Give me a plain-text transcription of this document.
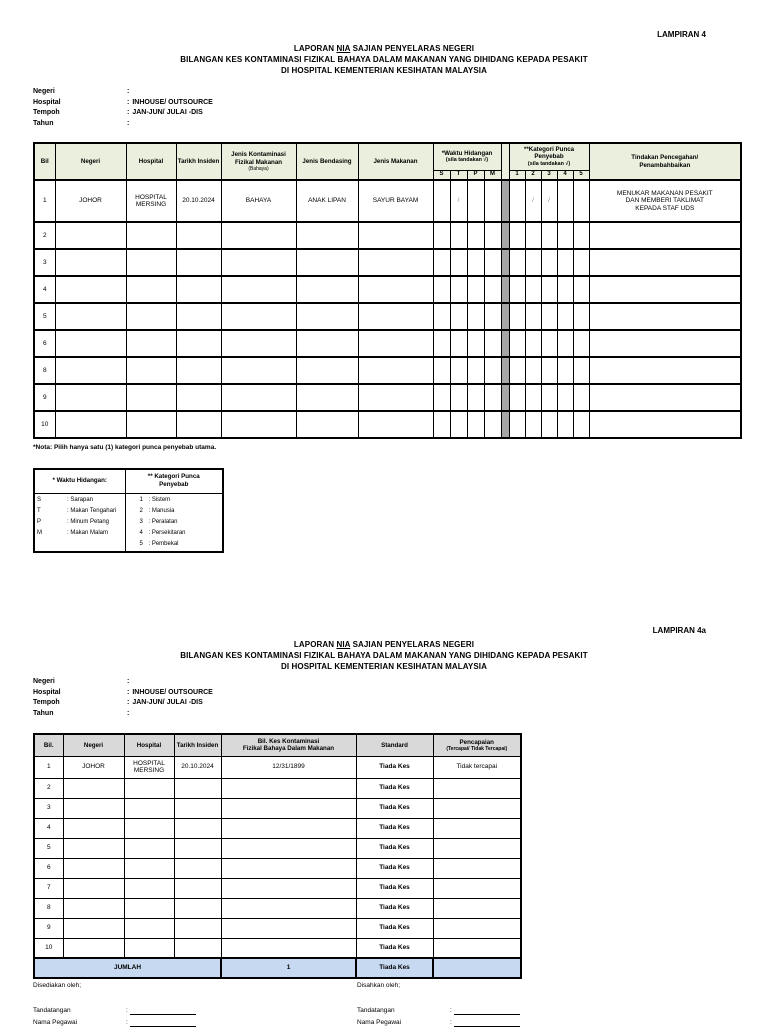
LAMPIRAN 4
LAPORAN NIA SAJIAN PENYELARAS NEGERI
BILANGAN KES KONTAMINASI FIZIKAL BAHAYA DALAM MAKANAN YANG DIHIDANG KEPADA PESAKIT
DI HOSPITAL KEMENTERIAN KESIHATAN MALAYSIA
Negeri	:
Hospital	: INHOUSE/ OUTSOURCE
Tempoh	: JAN-JUN/ JULAI -DIS
Tahun	:
Bil	Negeri	Hospital	Tarikh Insiden	
Jenis Kontaminasi Fizikal Makanan
(Bahaya)
	Jenis Bendasing	Jenis Makanan	
*Waktu Hidangan
(sila tandakan √)

**Kategori Punca
Penyebab
(sila tandakan √)

Tindakan Pencegahan/
Penambahbaikan

							S	T	P	M		1	2	3	4	5	
1	JOHOR	HOSPITAL MERSING	20.10.2024	BAHAYA	ANAK LIPAN	SAYUR BAYAM		/					/	/			MENUKAR MAKANAN PESAKIT
DAN MEMBERI TAKLIMAT
KEPADA STAF UDS

2																	
3																	
4																	
5																	
6																	
8																	
9																	
10																	
*Nota: Pilih hanya satu (1) kategori punca penyebab utama.
* Waktu Hidangan:	** Kategori Punca
Penyebab

S	: Sarapan
T	: Makan Tengahari
P	: Minum Petang
M	: Makan Malam

1 : Sistem
2 : Manusia
3 : Peralatan
4 : Persekitaran
5 : Pembekal
LAMPIRAN 4a
LAPORAN NIA SAJIAN PENYELARAS NEGERI
BILANGAN KES KONTAMINASI FIZIKAL BAHAYA DALAM MAKANAN YANG DIHIDANG KEPADA PESAKIT
DI HOSPITAL KEMENTERIAN KESIHATAN MALAYSIA
Negeri	:
Hospital	: INHOUSE/ OUTSOURCE
Tempoh	: JAN-JUN/ JULAI -DIS
Tahun	:
Bil.	Negeri	Hospital	Tarikh Insiden	
Bil. Kes Kontaminasi
Fizikal Bahaya Dalam Makanan
	Standard	Pencapaian
(Tercapai/ Tidak Tercapai)

1	JOHOR	HOSPITAL MERSING	20.10.2024	12/31/1899	Tiada Kes	Tidak tercapai
2					Tiada Kes	
3					Tiada Kes	
4					Tiada Kes	
5					Tiada Kes	
6					Tiada Kes	
7					Tiada Kes	
8					Tiada Kes	
9					Tiada Kes	
10					Tiada Kes	
JUMLAH				1	Tiada Kes	
Disediakan oleh;
Tandatangan	:
Nama Pegawai	:
Disahkan oleh;
Tandatangan	:
Nama Pegawai	:
